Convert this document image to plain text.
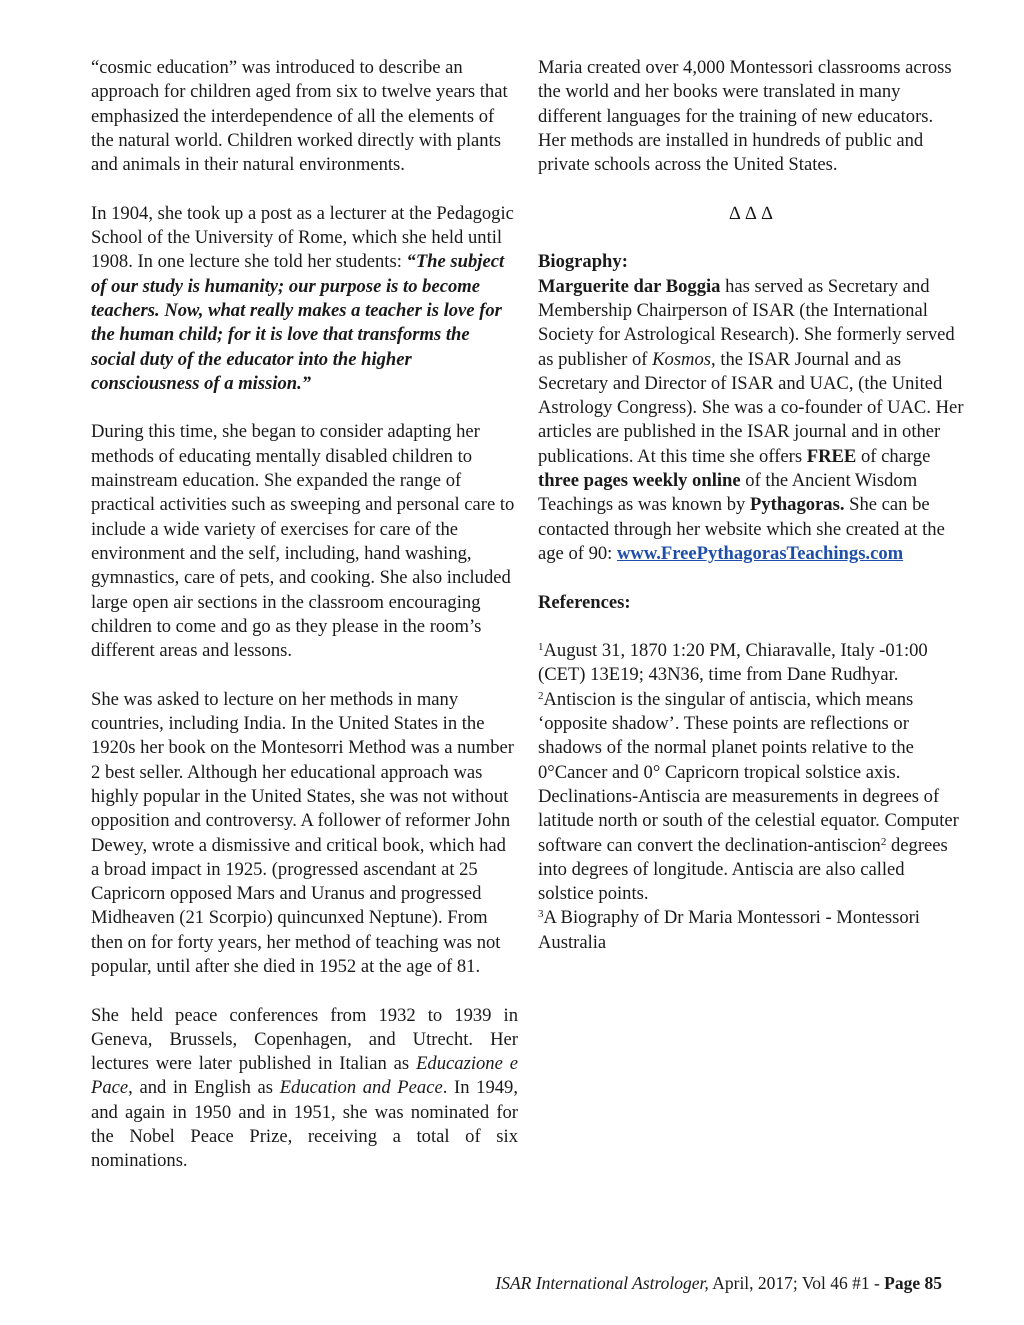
“cosmic education” was introduced to describe an approach for children aged from six to twelve years that emphasized the interdependence of all the elements of the natural world. Children worked directly with plants and animals in their natural environments.

In 1904, she took up a post as a lecturer at the Pedagogic School of the University of Rome, which she held until 1908. In one lecture she told her students: “The subject of our study is humanity; our purpose is to become teachers. Now, what really makes a teacher is love for the human child; for it is love that transforms the social duty of the educator into the higher consciousness of a mission.”

During this time, she began to consider adapting her methods of educating mentally disabled children to mainstream education. She expanded the range of practical activities such as sweeping and personal care to include a wide variety of exercises for care of the environment and the self, including, hand washing, gymnastics, care of pets, and cooking. She also included large open air sections in the classroom encouraging children to come and go as they please in the room’s different areas and lessons.

She was asked to lecture on her methods in many countries, including India. In the United States in the 1920s her book on the Montesorri Method was a number 2 best seller. Although her educational approach was highly popular in the United States, she was not without opposition and controversy. A follower of reformer John Dewey, wrote a dismissive and critical book, which had a broad impact in 1925. (progressed ascendant at 25 Capricorn opposed Mars and Uranus and progressed Midheaven (21 Scorpio) quincunxed Neptune). From then on for forty years, her method of teaching was not popular, until after she died in 1952 at the age of 81.

She held peace conferences from 1932 to 1939 in Geneva, Brussels, Copenhagen, and Utrecht. Her lectures were later published in Italian as Educazione e Pace, and in English as Education and Peace. In 1949, and again in 1950 and in 1951, she was nominated for the Nobel Peace Prize, receiving a total of six nominations.

Maria created over 4,000 Montessori classrooms across the world and her books were translated in many different languages for the training of new educators. Her methods are installed in hundreds of public and private schools across the United States.

∆ ∆ ∆

Biography:
Marguerite dar Boggia has served as Secretary and Membership Chairperson of ISAR (the International Society for Astrological Research). She formerly served as publisher of Kosmos, the ISAR Journal and as Secretary and Director of ISAR and UAC, (the United Astrology Congress). She was a co-founder of UAC. Her articles are published in the ISAR journal and in other publications. At this time she offers FREE of charge three pages weekly online of the Ancient Wisdom Teachings as was known by Pythagoras. She can be contacted through her website which she created at the age of 90: www.FreePythagorasTeachings.com

References:

$^1$August 31, 1870 1:20 PM, Chiaravalle, Italy -01:00 (CET) 13E19; 43N36, time from Dane Rudhyar.

$^2$Antiscion is the singular of antiscia, which means ‘opposite shadow’. These points are reflections or shadows of the normal planet points relative to the 0°Cancer and 0° Capricorn tropical solstice axis. Declinations-Antiscia are measurements in degrees of latitude north or south of the celestial equator. Computer software can convert the declination-antiscion$^2$ degrees into degrees of longitude. Antiscia are also called solstice points.

$^3$A Biography of Dr Maria Montessori - Montessori Australia

ISAR International Astrologer, April, 2017; Vol 46 #1 - Page 85
